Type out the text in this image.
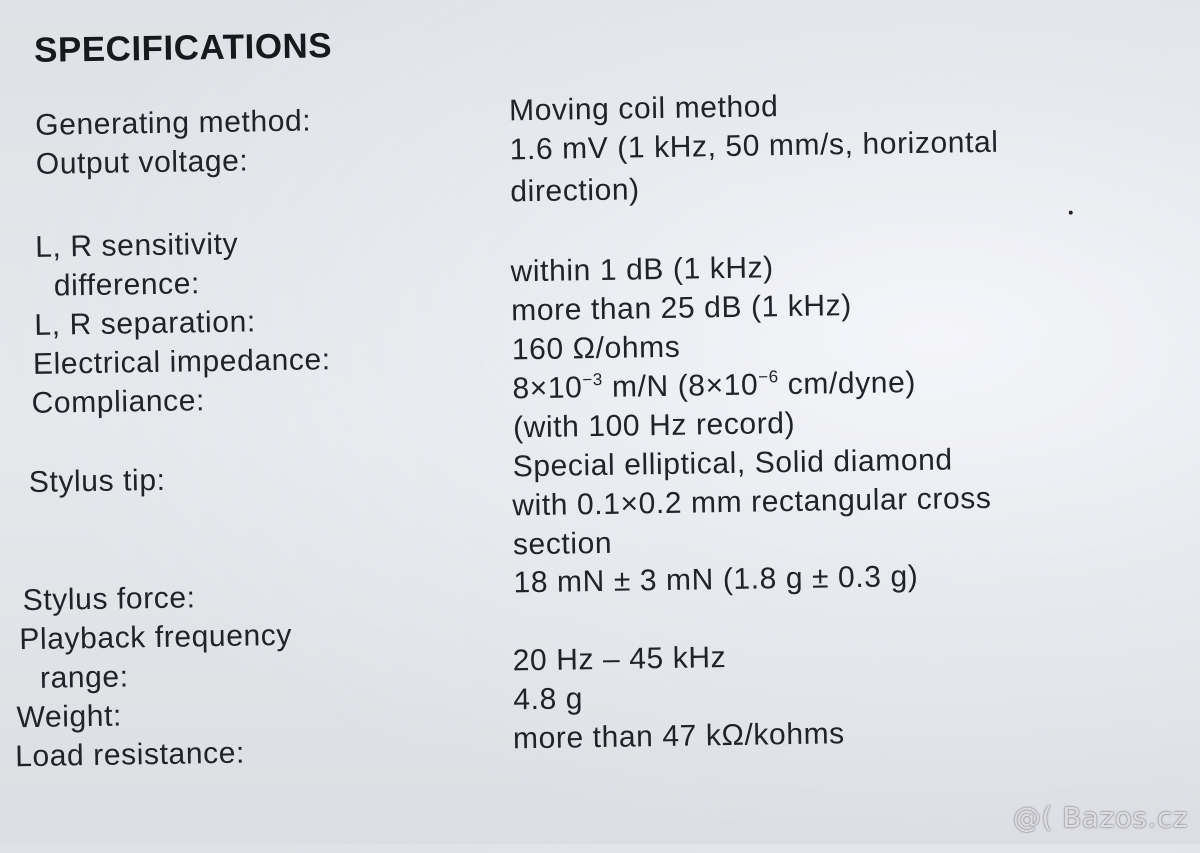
SPECIFICATIONS
Generating method:	Moving coil method
Output voltage:	1.6 mV (1 kHz, 50 mm/s, horizontal
direction)
L, R sensitivity
difference:	within 1 dB (1 kHz)
L, R separation:	more than 25 dB (1 kHz)
Electrical impedance:	160 Ω/ohms
Compliance:	$8\times 10^{-3}$ m/N ($8\times 10^{-6}$ cm/dyne)
(with 100 Hz record)
Stylus tip:	Special elliptical, Solid diamond
with 0.1×0.2 mm rectangular cross
section
Stylus force:	18 mN ± 3 mN (1.8 g ± 0.3 g)
Playback frequency
range:
20 Hz – 45 kHz
Weight:
4.8 g
Load resistance:	more than 47 kΩ/kohms
@( Bazos.cz
